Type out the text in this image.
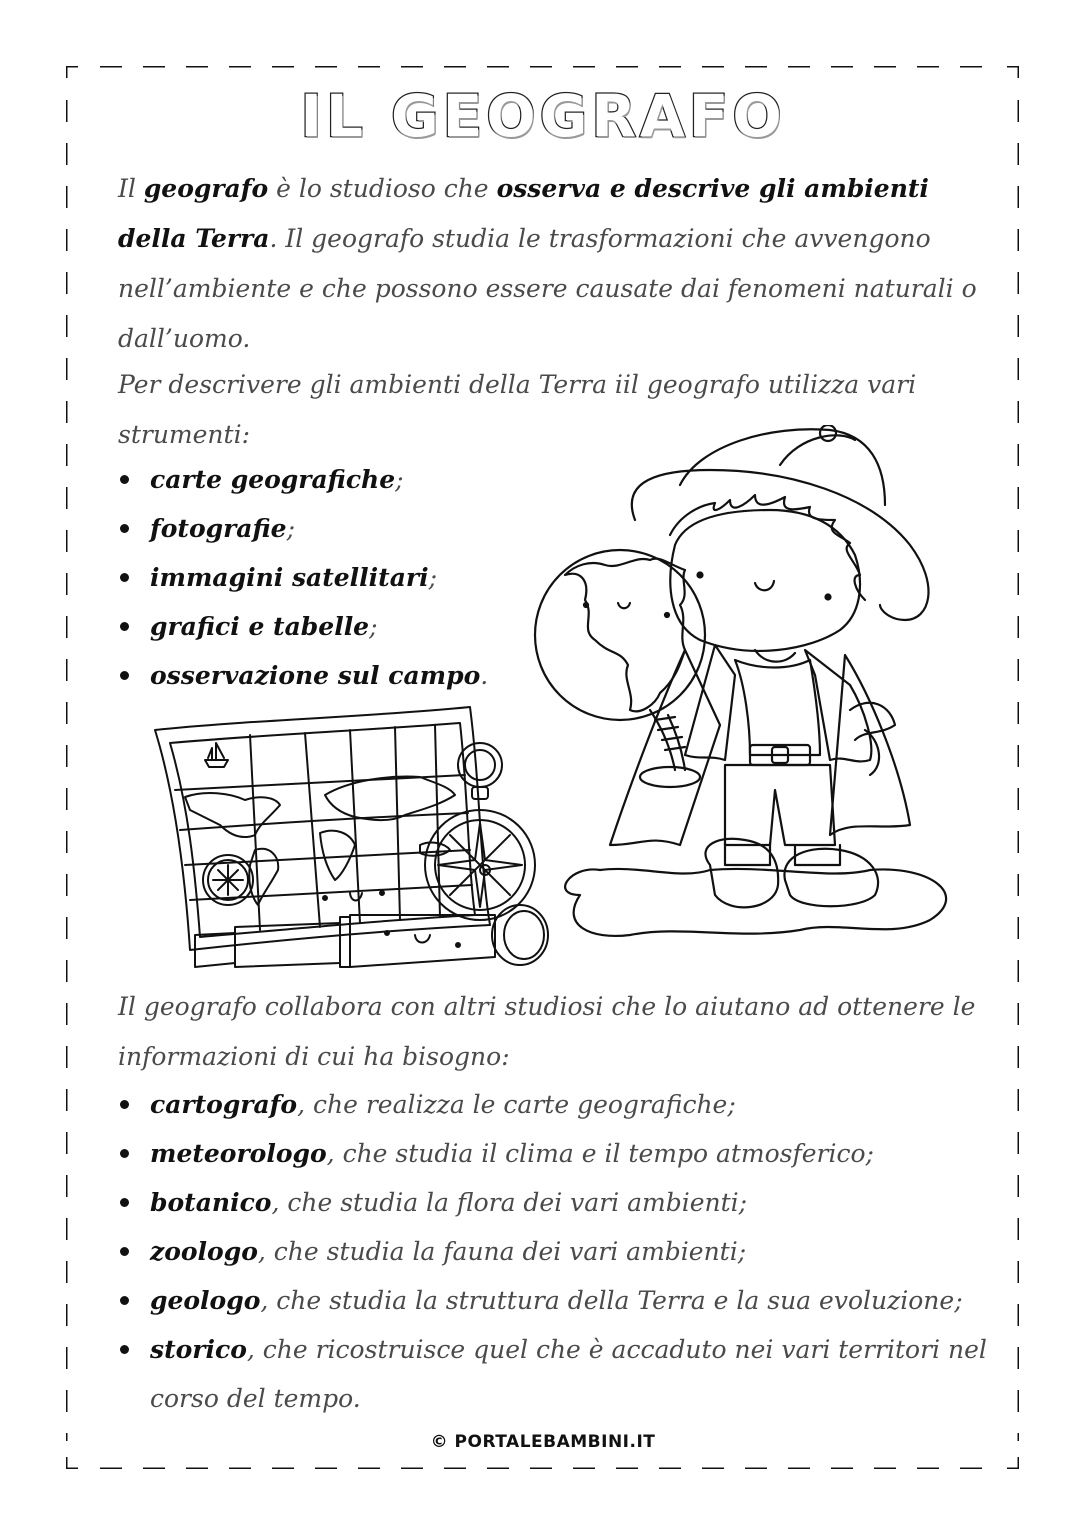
IL GEOGRAFO

Il geografo è lo studioso che osserva e descrive gli ambienti della Terra. Il geografo studia le trasformazioni che avvengono nell’ambiente e che possono essere causate dai fenomeni naturali o dall’uomo.

Per descrivere gli ambienti della Terra iil geografo utilizza vari strumenti:

carte geografiche;
fotografie;
immagini satellitari;
grafici e tabelle;
osservazione sul campo.

Il geografo collabora con altri studiosi che lo aiutano ad ottenere le informazioni di cui ha bisogno:

cartografo, che realizza le carte geografiche;
meteorologo, che studia il clima e il tempo atmosferico;
botanico, che studia la flora dei vari ambienti;
zoologo, che studia la fauna dei vari ambienti;
geologo, che studia la struttura della Terra e la sua evoluzione;
storico, che ricostruisce quel che è accaduto nei vari territori nel corso del tempo.
© PORTALEBAMBINI.IT
